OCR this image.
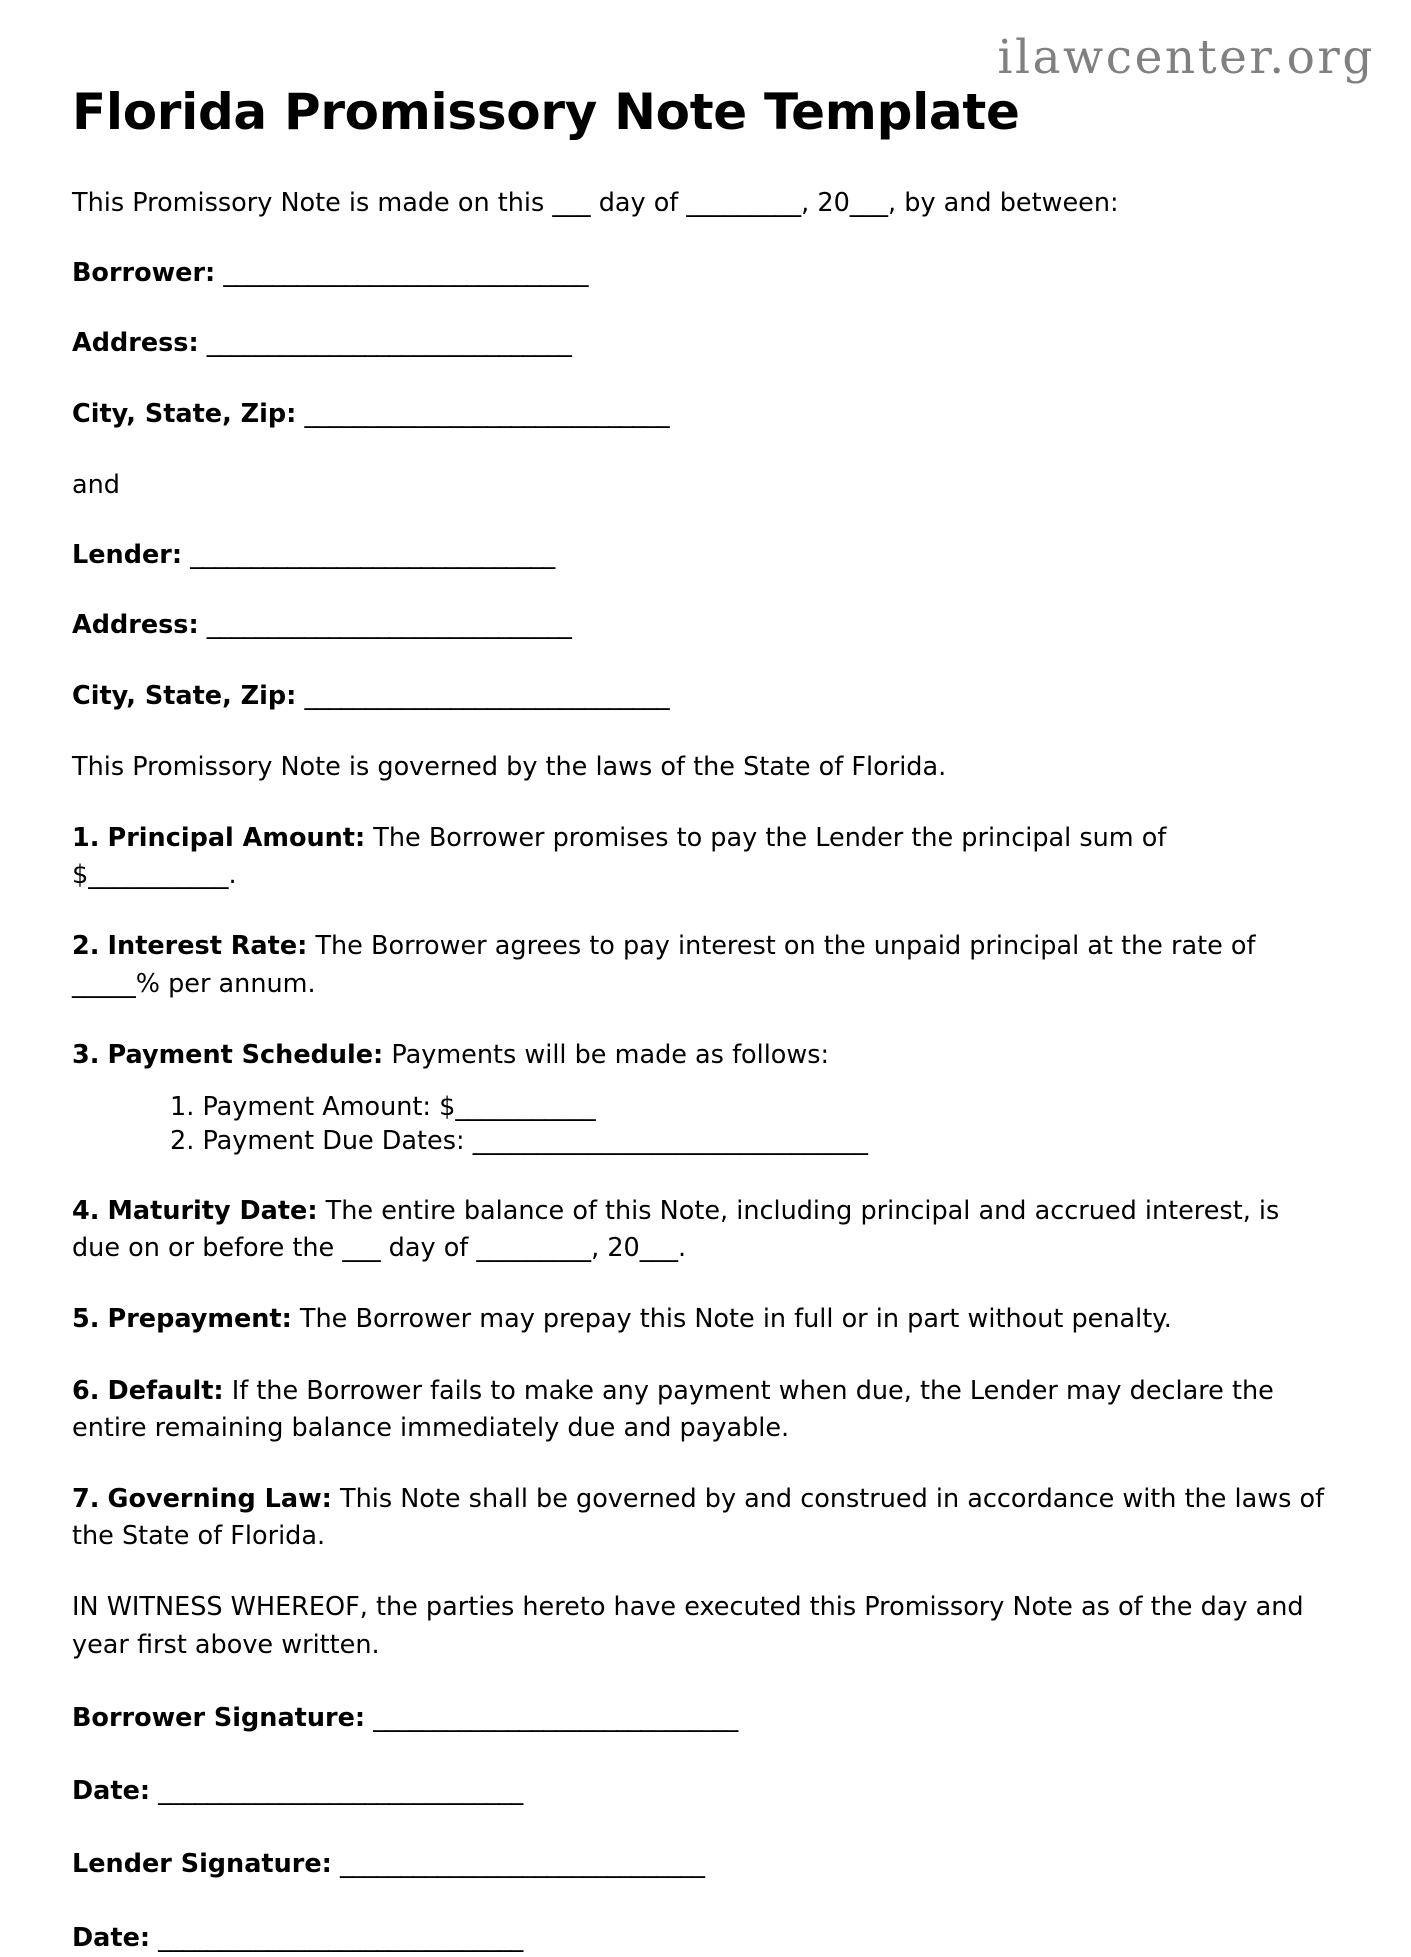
ilawcenter.org
Florida Promissory Note Template

This Promissory Note is made on this ___ day of _________, 20___, by and between:

Borrower: ______________________________
Address: ______________________________
City, State, Zip: ______________________________

and

Lender: ______________________________
Address: ______________________________
City, State, Zip: ______________________________

This Promissory Note is governed by the laws of the State of Florida.

1. Principal Amount: The Borrower promises to pay the Lender the principal sum of $___________.

2. Interest Rate: The Borrower agrees to pay interest on the unpaid principal at the rate of _____% per annum.

3. Payment Schedule: Payments will be made as follows:

Payment Amount: $___________
Payment Due Dates: _______________________________

4. Maturity Date: The entire balance of this Note, including principal and accrued interest, is due on or before the ___ day of _________, 20___.

5. Prepayment: The Borrower may prepay this Note in full or in part without penalty.

6. Default: If the Borrower fails to make any payment when due, the Lender may declare the entire remaining balance immediately due and payable.

7. Governing Law: This Note shall be governed by and construed in accordance with the laws of the State of Florida.

IN WITNESS WHEREOF, the parties hereto have executed this Promissory Note as of the day and year first above written.

Borrower Signature: ______________________________
Date: ______________________________
Lender Signature: ______________________________
Date: ______________________________
